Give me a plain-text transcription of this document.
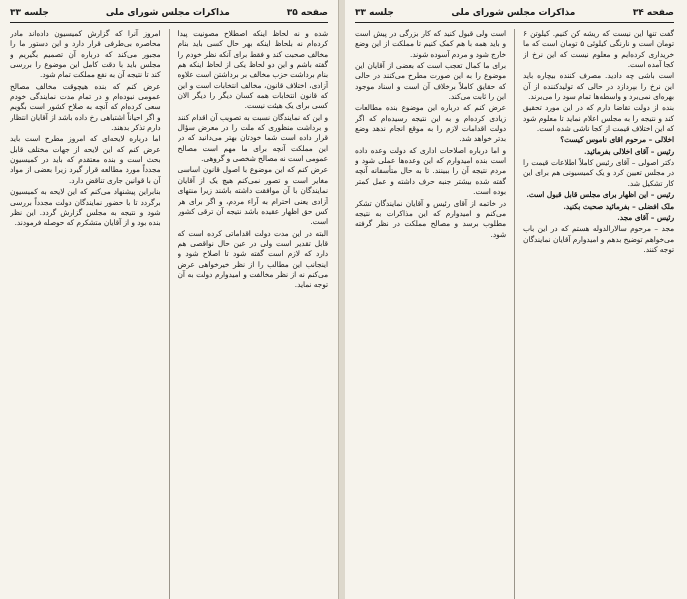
صفحه ۳۵
مذاکرات مجلس شورای ملی
جلسه ۳۳

شده و نه لحاظ اینکه اصطلاح مصونیت پیدا کرده‌ام نه بلحاظ اینکه بهر حال کسی باید بنام مخالف صحبت کند و فقط برای آنکه نظر خودم را گفته باشم و این دو لحاظ یکی از لحاظ اینکه هم بنام برداشت حزب مخالف بر برداشتن است علاوه آزادی، اختلاف قانون، مخالف انتخابات است و این که قانون انتخابات همه کسان دیگر را دیگر الان کسی برای یک هیئت نیست.

و این که نمایندگان نسبت به تصویب آن اقدام کنند و برداشت منظوری که ملت را در معرض سؤال قرار داده است شما خودتان بهتر می‌دانید که در این مملکت آنچه برای ما مهم است مصالح عمومی است نه مصالح شخصی و گروهی.

عرض کنم که این موضوع با اصول قانون اساسی مغایر است و تصور نمی‌کنم هیچ یک از آقایان نمایندگان با آن موافقت داشته باشند زیرا منتهای آزادی یعنی احترام به آراء مردم، و اگر برای هر کس حق اظهار عقیده باشد نتیجه آن ترقی کشور است.

البته در این مدت دولت اقداماتی کرده است که قابل تقدیر است ولی در عین حال نواقصی هم دارد که لازم است گفته شود تا اصلاح شود و اینجانب این مطالب را از نظر خیرخواهی عرض می‌کنم نه از نظر مخالفت و امیدوارم دولت به آن توجه نماید.

امروز آنرا که گزارش کمیسیون داده‌اند مادر محاصره بی‌طرفی قرار دارد و این دستور ما را مجبور می‌کند که درباره آن تصمیم بگیریم و مجلس باید با دقت کامل این موضوع را بررسی کند تا نتیجه آن به نفع مملکت تمام شود.

عرض کنم که بنده هیچوقت مخالف مصالح عمومی نبوده‌ام و در تمام مدت نمایندگی خودم سعی کرده‌ام که آنچه به صلاح کشور است بگویم و اگر احیاناً اشتباهی رخ داده باشد از آقایان انتظار دارم تذکر بدهند.

اما درباره لایحه‌ای که امروز مطرح است باید عرض کنم که این لایحه از جهات مختلف قابل بحث است و بنده معتقدم که باید در کمیسیون مجدداً مورد مطالعه قرار گیرد زیرا بعضی از مواد آن با قوانین جاری تناقض دارد.

بنابراین پیشنهاد می‌کنم که این لایحه به کمیسیون برگردد تا با حضور نمایندگان دولت مجدداً بررسی شود و نتیجه به مجلس گزارش گردد. این نظر بنده بود و از آقایان متشکرم که حوصله فرمودند.

صفحه ۳۴
مذاکرات مجلس شورای ملی
جلسه ۳۳

گفت تنها این نیست که ریشه کن کنیم. کیلوتن ۶ تومان است و نارنگی کیلوئی ۵ تومان است که ما خریداری کرده‌ایم و معلوم نیست که این نرخ از کجا آمده است.

است باشی چه دادید. مصرف کننده بیچاره باید این نرخ را بپردازد در حالی که تولیدکننده از آن بهره‌ای نمی‌برد و واسطه‌ها تمام سود را می‌برند.

بنده از دولت تقاضا دارم که در این مورد تحقیق کند و نتیجه را به مجلس اعلام نماید تا معلوم شود که این اختلاف قیمت از کجا ناشی شده است.

اخلالی – مرحوم اقای ناموس کیست؟

رئیس – آقای اخلالی بفرمائید.

دکتر اصولی – آقای رئیس کاملاً اطلاعات قیمت را در مجلس تعیین کرد و یک کمیسیونی هم برای این کار تشکیل شد.

رئیس – این اظهار برای مجلس قابل قبول است.

ملک افضلی – بفرمائید صحبت بکنید.

رئیس – آقای مجد.

مجد – مرحوم سالارالدوله هستم که در این باب می‌خواهم توضیح بدهم و امیدوارم آقایان نمایندگان توجه کنند.

است ولی قبول کنید که کار بزرگی در پیش است و باید همه با هم کمک کنیم تا مملکت از این وضع خارج شود و مردم آسوده شوند.

برای ما کمال تعجب است که بعضی از آقایان این موضوع را به این صورت مطرح می‌کنند در حالی که حقایق کاملاً برخلاف آن است و اسناد موجود این را ثابت می‌کند.

عرض کنم که درباره این موضوع بنده مطالعات زیادی کرده‌ام و به این نتیجه رسیده‌ام که اگر دولت اقدامات لازم را به موقع انجام ندهد وضع بدتر خواهد شد.

و اما درباره اصلاحات اداری که دولت وعده داده است بنده امیدوارم که این وعده‌ها عملی شود و مردم نتیجه آن را ببینند. تا به حال متأسفانه آنچه گفته شده بیشتر جنبه حرف داشته و عمل کمتر بوده است.

در خاتمه از آقای رئیس و آقایان نمایندگان تشکر می‌کنم و امیدوارم که این مذاکرات به نتیجه مطلوب برسد و مصالح مملکت در نظر گرفته شود.
